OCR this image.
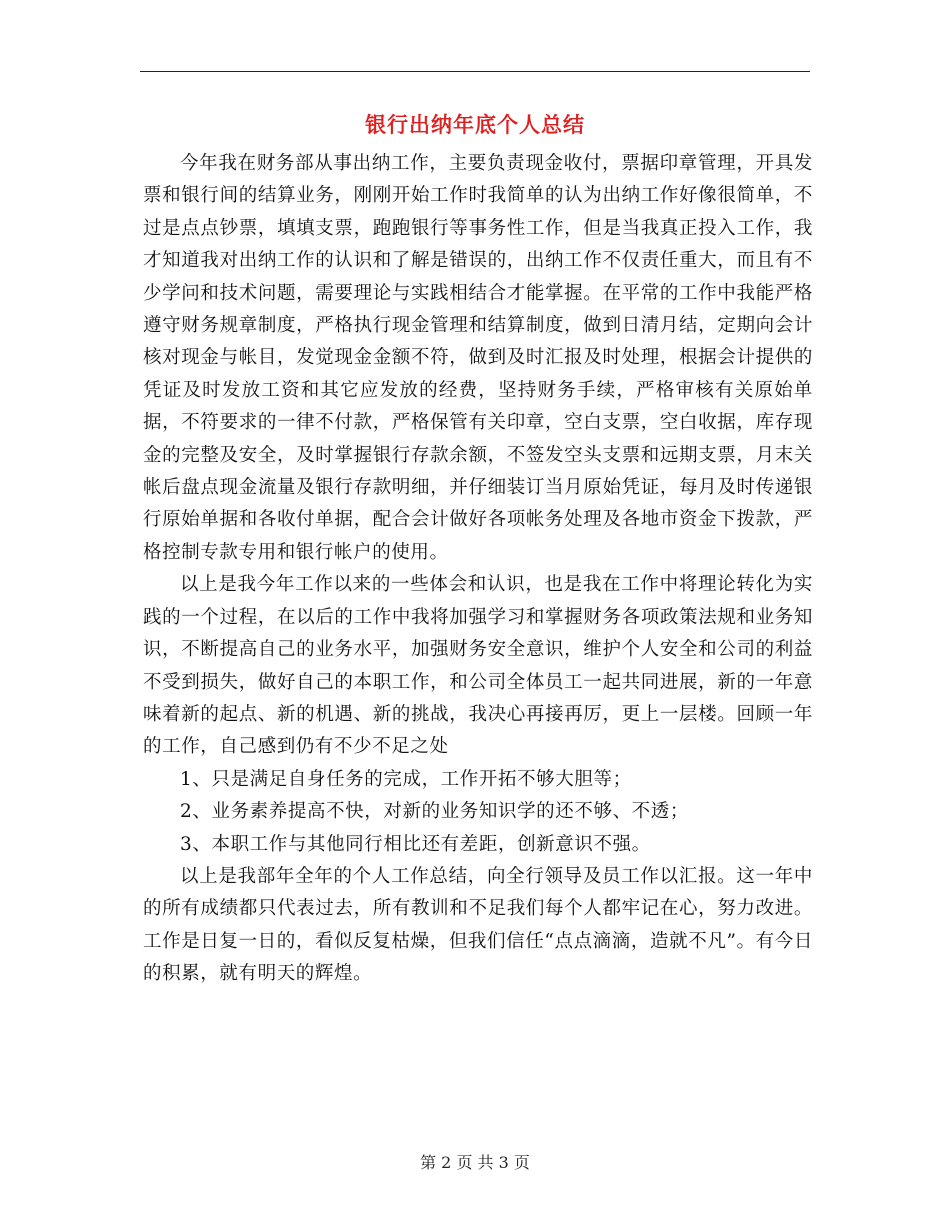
银行出纳年底个人总结

今年我在财务部从事出纳工作，主要负责现金收付，票据印章管理，开具发票和银行间的结算业务，刚刚开始工作时我简单的认为出纳工作好像很简单，不过是点点钞票，填填支票，跑跑银行等事务性工作，但是当我真正投入工作，我才知道我对出纳工作的认识和了解是错误的，出纳工作不仅责任重大，而且有不少学问和技术问题，需要理论与实践相结合才能掌握。在平常的工作中我能严格遵守财务规章制度，严格执行现金管理和结算制度，做到日清月结，定期向会计核对现金与帐目，发觉现金金额不符，做到及时汇报及时处理，根据会计提供的凭证及时发放工资和其它应发放的经费，坚持财务手续，严格审核有关原始单据，不符要求的一律不付款，严格保管有关印章，空白支票，空白收据，库存现金的完整及安全，及时掌握银行存款余额，不签发空头支票和远期支票，月末关帐后盘点现金流量及银行存款明细，并仔细装订当月原始凭证，每月及时传递银行原始单据和各收付单据，配合会计做好各项帐务处理及各地市资金下拨款，严格控制专款专用和银行帐户的使用。

以上是我今年工作以来的一些体会和认识，也是我在工作中将理论转化为实践的一个过程，在以后的工作中我将加强学习和掌握财务各项政策法规和业务知识，不断提高自己的业务水平，加强财务安全意识，维护个人安全和公司的利益不受到损失，做好自己的本职工作，和公司全体员工一起共同进展，新的一年意味着新的起点、新的机遇、新的挑战，我决心再接再厉，更上一层楼。回顾一年的工作，自己感到仍有不少不足之处

1、只是满足自身任务的完成，工作开拓不够大胆等；

2、业务素养提高不快，对新的业务知识学的还不够、不透；

3、本职工作与其他同行相比还有差距，创新意识不强。

以上是我部年全年的个人工作总结，向全行领导及员工作以汇报。这一年中的所有成绩都只代表过去，所有教训和不足我们每个人都牢记在心，努力改进。工作是日复一日的，看似反复枯燥，但我们信任“点点滴滴，造就不凡”。有今日的积累，就有明天的辉煌。

第 2 页 共 3 页
